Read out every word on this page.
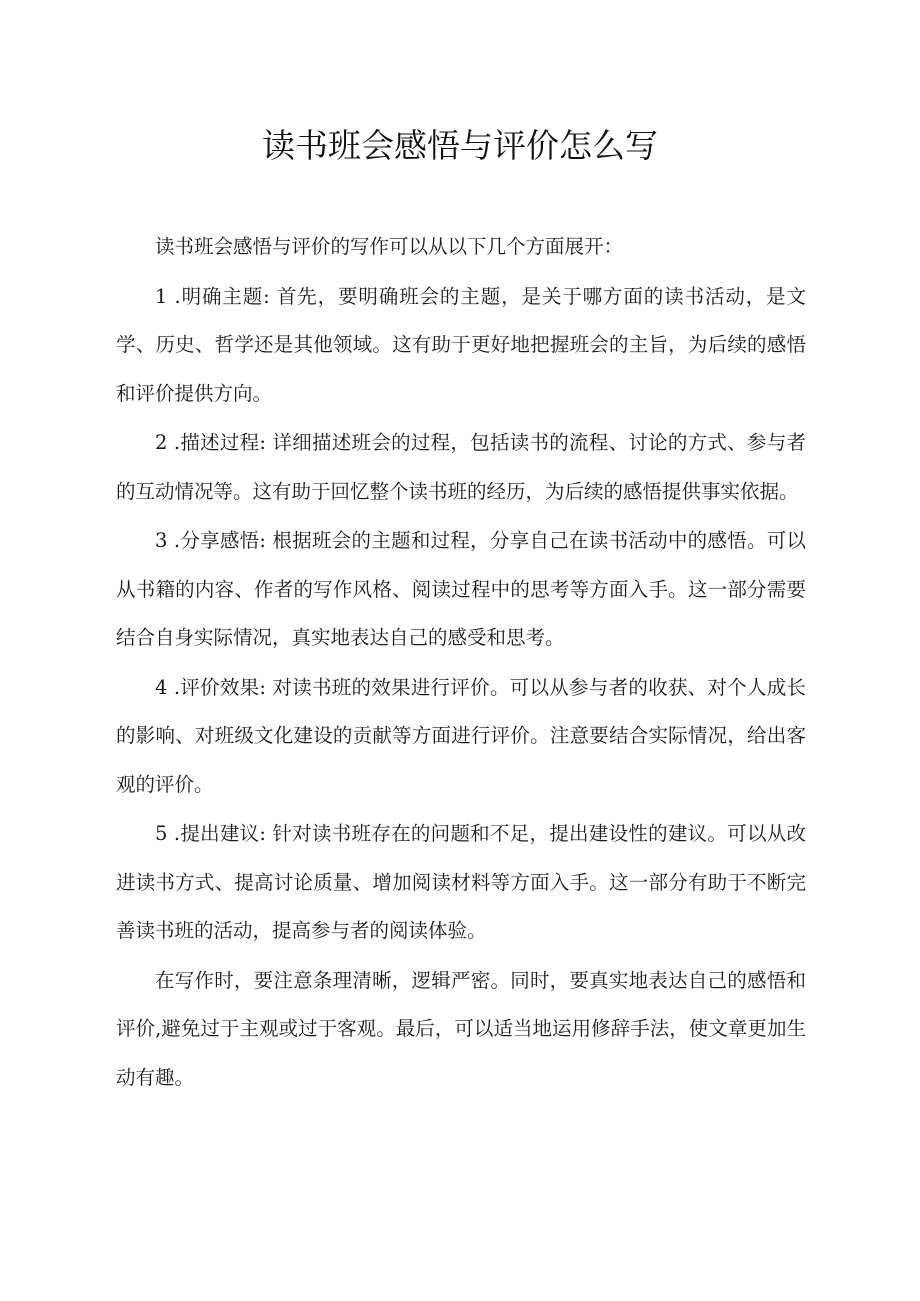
读书班会感悟与评价怎么写

读书班会感悟与评价的写作可以从以下几个方面展开：

1 .明确主题: 首先，要明确班会的主题，是关于哪方面的读书活动，是文学、历史、哲学还是其他领域。这有助于更好地把握班会的主旨，为后续的感悟和评价提供方向。

2 .描述过程: 详细描述班会的过程，包括读书的流程、讨论的方式、参与者的互动情况等。这有助于回忆整个读书班的经历，为后续的感悟提供事实依据。

3 .分享感悟: 根据班会的主题和过程，分享自己在读书活动中的感悟。可以从书籍的内容、作者的写作风格、阅读过程中的思考等方面入手。这一部分需要结合自身实际情况，真实地表达自己的感受和思考。

4 .评价效果: 对读书班的效果进行评价。可以从参与者的收获、对个人成长的影响、对班级文化建设的贡献等方面进行评价。注意要结合实际情况，给出客观的评价。

5 .提出建议: 针对读书班存在的问题和不足，提出建设性的建议。可以从改进读书方式、提高讨论质量、增加阅读材料等方面入手。这一部分有助于不断完善读书班的活动，提高参与者的阅读体验。

在写作时，要注意条理清晰，逻辑严密。同时，要真实地表达自己的感悟和评价,避免过于主观或过于客观。最后，可以适当地运用修辞手法，使文章更加生动有趣。
